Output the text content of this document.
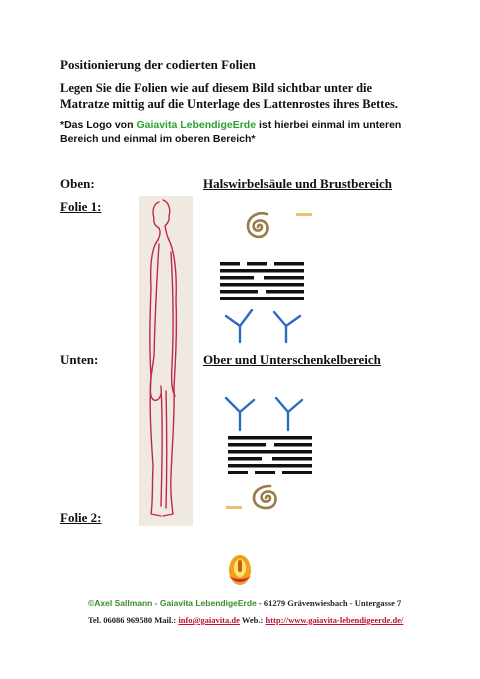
Positionierung der codierten Folien
Legen Sie die Folien wie auf diesem Bild sichtbar unter die Matratze mittig auf die Unterlage des Lattenrostes ihres Bettes.
*Das Logo von Gaiavita LebendigeErde ist hierbei einmal im unteren Bereich und einmal im oberen Bereich*
Oben:	Halswirbelsäule und Brustbereich
Folie 1:
Unten:	Ober und Unterschenkelbereich
Folie 2:
©Axel Sallmann - Gaiavita LebendigeErde - 61279 Grävenwiesbach - Untergasse 7
Tel. 06086 969580 Mail.: info@gaiavita.de Web.: http://www.gaiavita-lebendigeerde.de/
